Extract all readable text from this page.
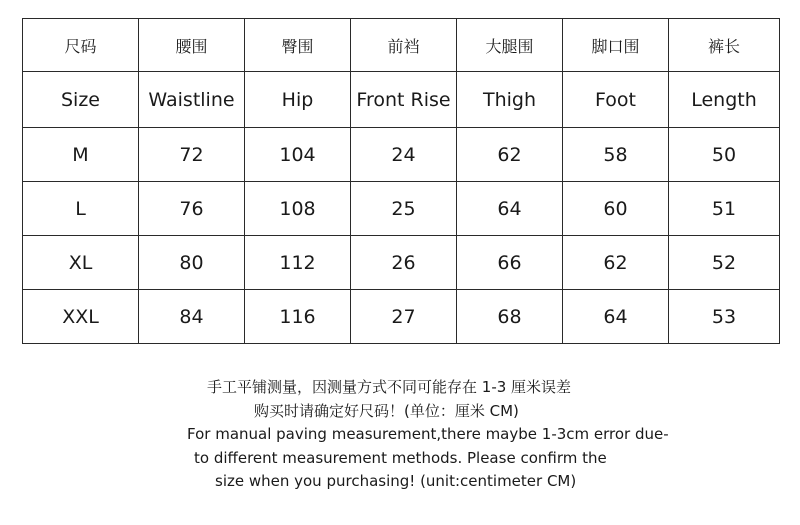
尺码	腰围	臀围	前裆	大腿围	脚口围	裤长
Size	Waistline	Hip	Front Rise	Thigh	Foot	Length
M	72	104	24	62	58	50
L	76	108	25	64	60	51
XL	80	112	26	66	62	52
XXL	84	116	27	68	64	53
手工平铺测量，因测量方式不同可能存在 1-3 厘米误差
购买时请确定好尺码！(单位：厘米 CM)
For manual paving measurement,there maybe 1-3cm error due-
to different measurement methods. Please confirm the
size when you purchasing! (unit:centimeter CM)
